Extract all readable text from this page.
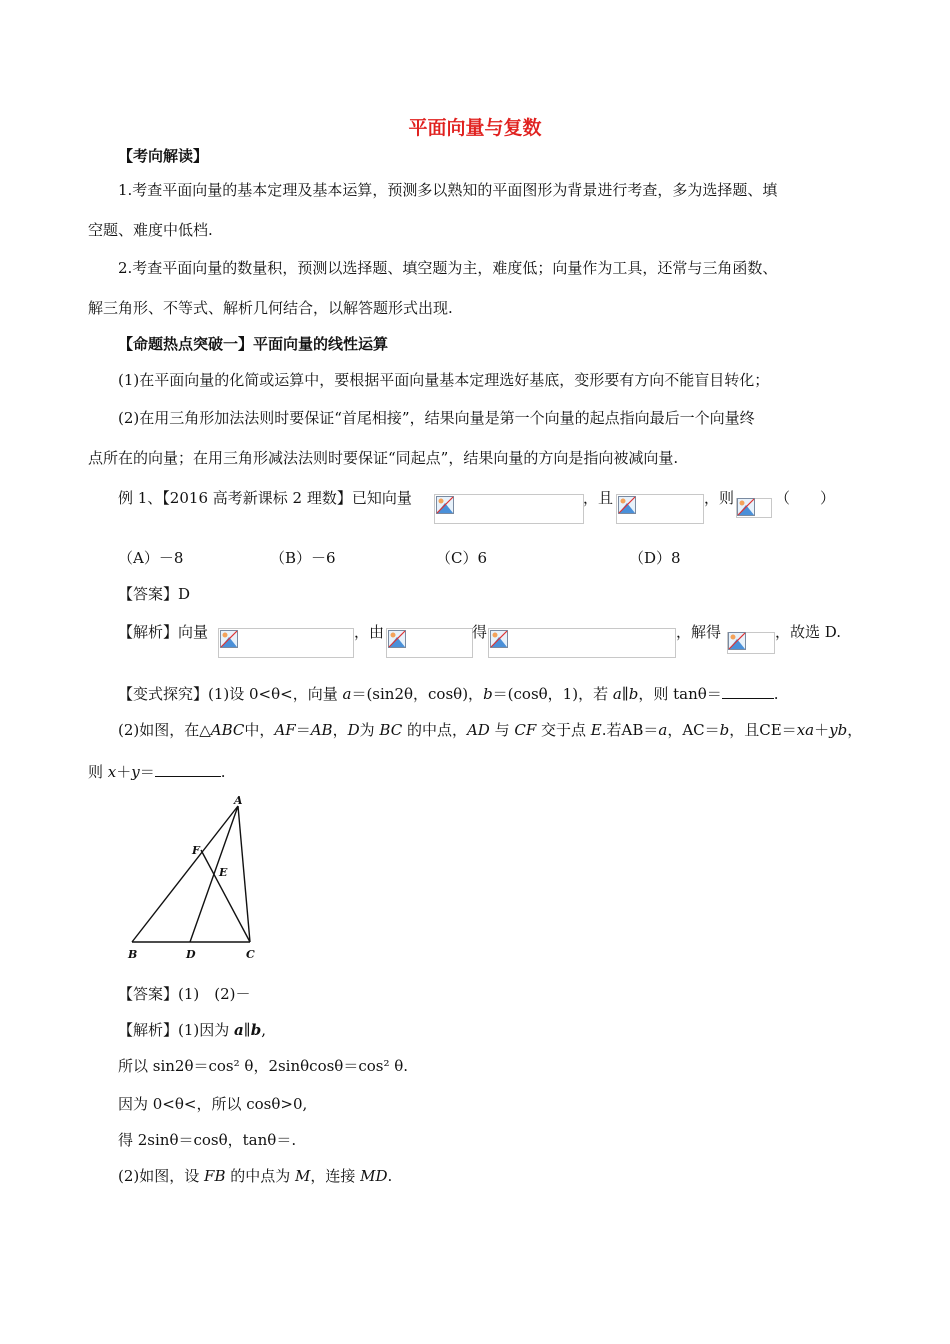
平面向量与复数
【考向解读】
1.考查平面向量的基本定理及基本运算，预测多以熟知的平面图形为背景进行考查，多为选择题、填
空题、难度中低档.
2.考查平面向量的数量积，预测以选择题、填空题为主，难度低；向量作为工具，还常与三角函数、
解三角形、不等式、解析几何结合，以解答题形式出现.
【命题热点突破一】平面向量的线性运算
(1)在平面向量的化简或运算中，要根据平面向量基本定理选好基底，变形要有方向不能盲目转化；
(2)在用三角形加法法则时要保证“首尾相接”，结果向量是第一个向量的起点指向最后一个向量终
点所在的向量；在用三角形减法法则时要保证“同起点”，结果向量的方向是指向被减向量.
例 1、【2016 高考新课标 2 理数】已知向量	，且	，则	（　　）
（A）－8	（B）－6	（C）6	（D）8
【答案】D
【解析】向量	，由	得	，解得	，故选 D.
【变式探究】(1)设 0<θ<，向量 a＝(sin2θ，cosθ)，b＝(cosθ，1)，若 a∥b，则 tanθ＝	.
(2)如图，在△ABC中，AF＝AB，D为 BC 的中点，AD 与 CF 交于点 E.若AB＝a，AC＝b，且CE＝xa＋yb，
则 x＋y＝	.
A
B	C
D
E
F
【答案】(1)　(2)－
【解析】(1)因为 a∥b,
所以 sin2θ＝cos² θ，2sinθcosθ＝cos² θ.
因为 0<θ<，所以 cosθ>0,
得 2sinθ＝cosθ，tanθ＝.
(2)如图，设 FB 的中点为 M，连接 MD.
